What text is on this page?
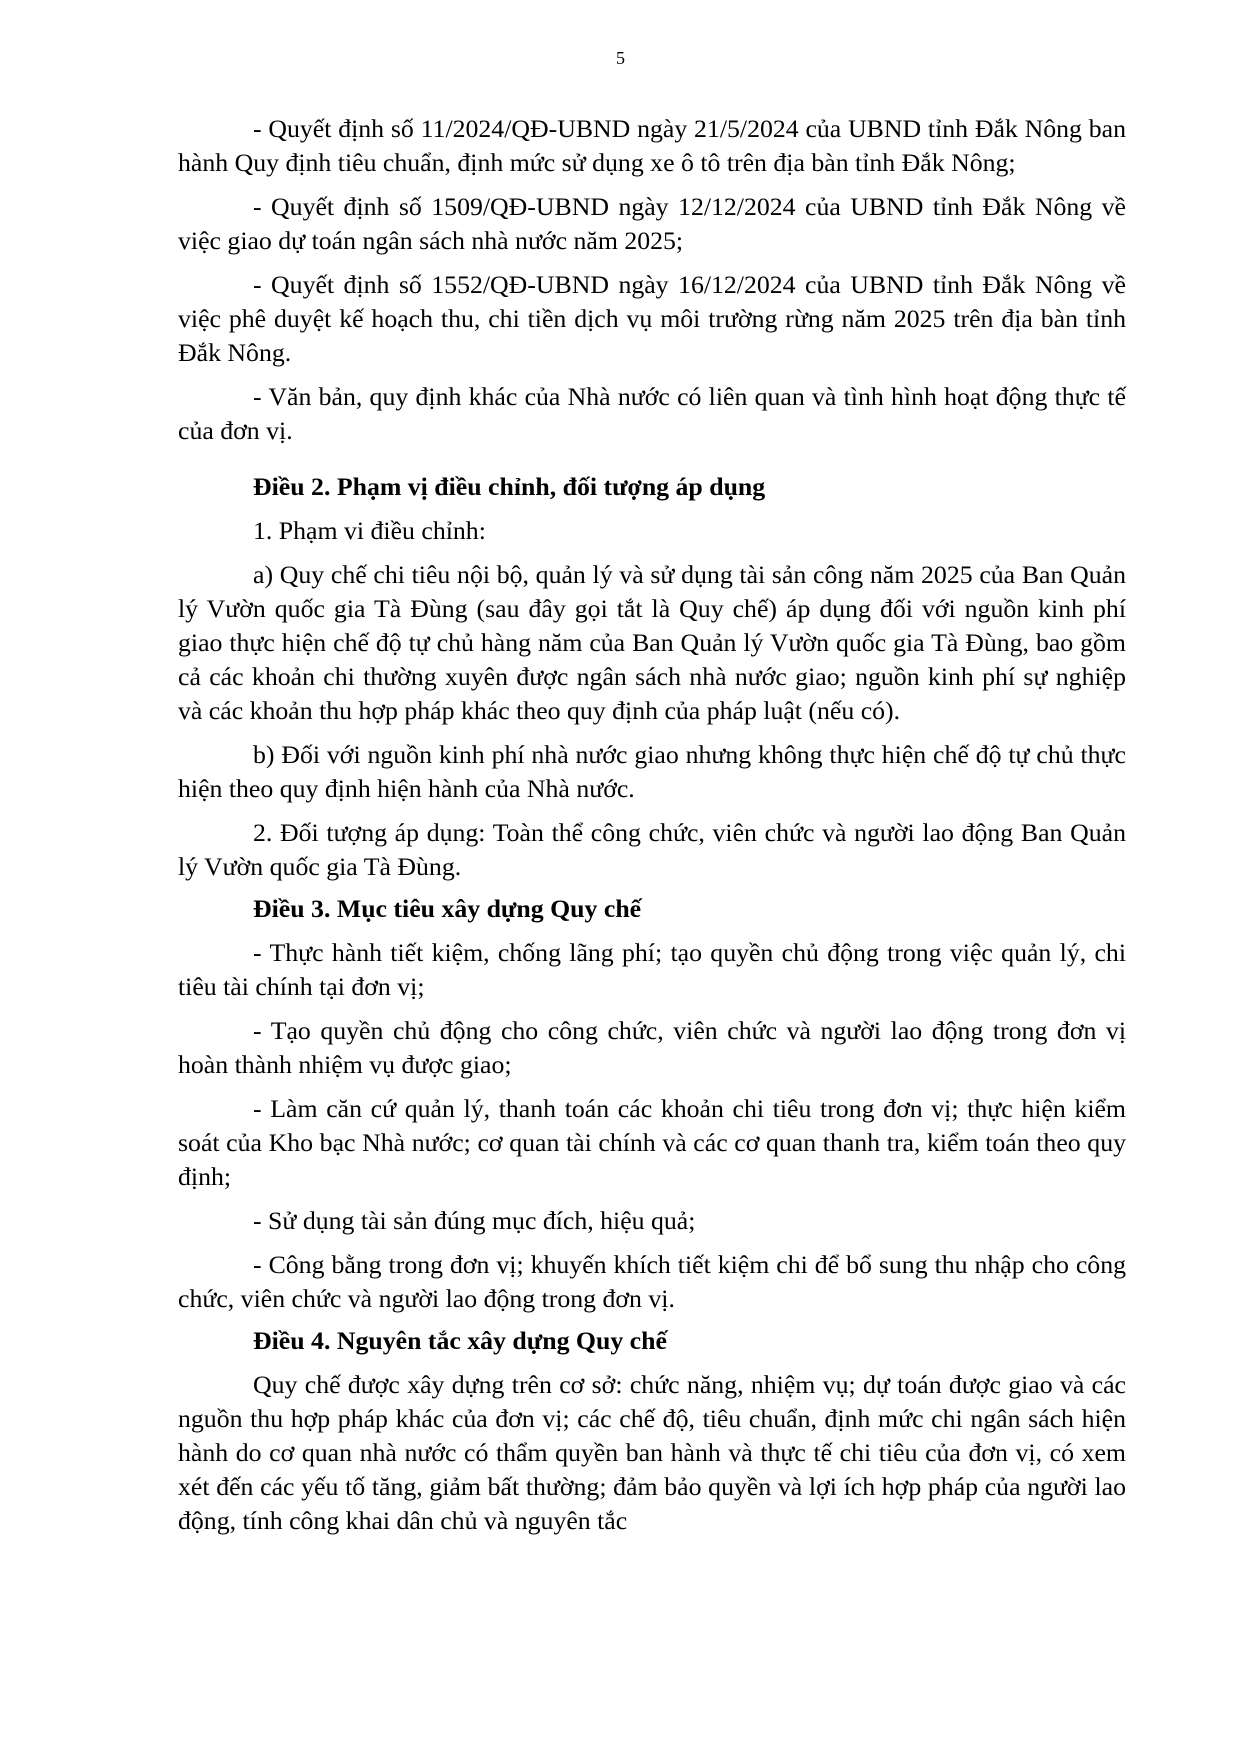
5

- Quyết định số 11/2024/QĐ-UBND ngày 21/5/2024 của UBND tỉnh Đắk Nông ban hành Quy định tiêu chuẩn, định mức sử dụng xe ô tô trên địa bàn tỉnh Đắk Nông;

- Quyết định số 1509/QĐ-UBND ngày 12/12/2024 của UBND tỉnh Đắk Nông về việc giao dự toán ngân sách nhà nước năm 2025;

- Quyết định số 1552/QĐ-UBND ngày 16/12/2024 của UBND tỉnh Đắk Nông về việc phê duyệt kế hoạch thu, chi tiền dịch vụ môi trường rừng năm 2025 trên địa bàn tỉnh Đắk Nông.

- Văn bản, quy định khác của Nhà nước có liên quan và tình hình hoạt động thực tế của đơn vị.

Điều 2. Phạm vị điều chỉnh, đối tượng áp dụng

1. Phạm vi điều chỉnh:

a) Quy chế chi tiêu nội bộ, quản lý và sử dụng tài sản công năm 2025 của Ban Quản lý Vườn quốc gia Tà Đùng (sau đây gọi tắt là Quy chế) áp dụng đối với nguồn kinh phí giao thực hiện chế độ tự chủ hàng năm của Ban Quản lý Vườn quốc gia Tà Đùng, bao gồm cả các khoản chi thường xuyên được ngân sách nhà nước giao; nguồn kinh phí sự nghiệp và các khoản thu hợp pháp khác theo quy định của pháp luật (nếu có).

b) Đối với nguồn kinh phí nhà nước giao nhưng không thực hiện chế độ tự chủ thực hiện theo quy định hiện hành của Nhà nước.

2. Đối tượng áp dụng: Toàn thể công chức, viên chức và người lao động Ban Quản lý Vườn quốc gia Tà Đùng.

Điều 3. Mục tiêu xây dựng Quy chế

- Thực hành tiết kiệm, chống lãng phí; tạo quyền chủ động trong việc quản lý, chi tiêu tài chính tại đơn vị;

- Tạo quyền chủ động cho công chức, viên chức và người lao động trong đơn vị hoàn thành nhiệm vụ được giao;

- Làm căn cứ quản lý, thanh toán các khoản chi tiêu trong đơn vị; thực hiện kiểm soát của Kho bạc Nhà nước; cơ quan tài chính và các cơ quan thanh tra, kiểm toán theo quy định;

- Sử dụng tài sản đúng mục đích, hiệu quả;

- Công bằng trong đơn vị; khuyến khích tiết kiệm chi để bổ sung thu nhập cho công chức, viên chức và người lao động trong đơn vị.

Điều 4. Nguyên tắc xây dựng Quy chế

Quy chế được xây dựng trên cơ sở: chức năng, nhiệm vụ; dự toán được giao và các nguồn thu hợp pháp khác của đơn vị; các chế độ, tiêu chuẩn, định mức chi ngân sách hiện hành do cơ quan nhà nước có thẩm quyền ban hành và thực tế chi tiêu của đơn vị, có xem xét đến các yếu tố tăng, giảm bất thường; đảm bảo quyền và lợi ích hợp pháp của người lao động, tính công khai dân chủ và nguyên tắc
